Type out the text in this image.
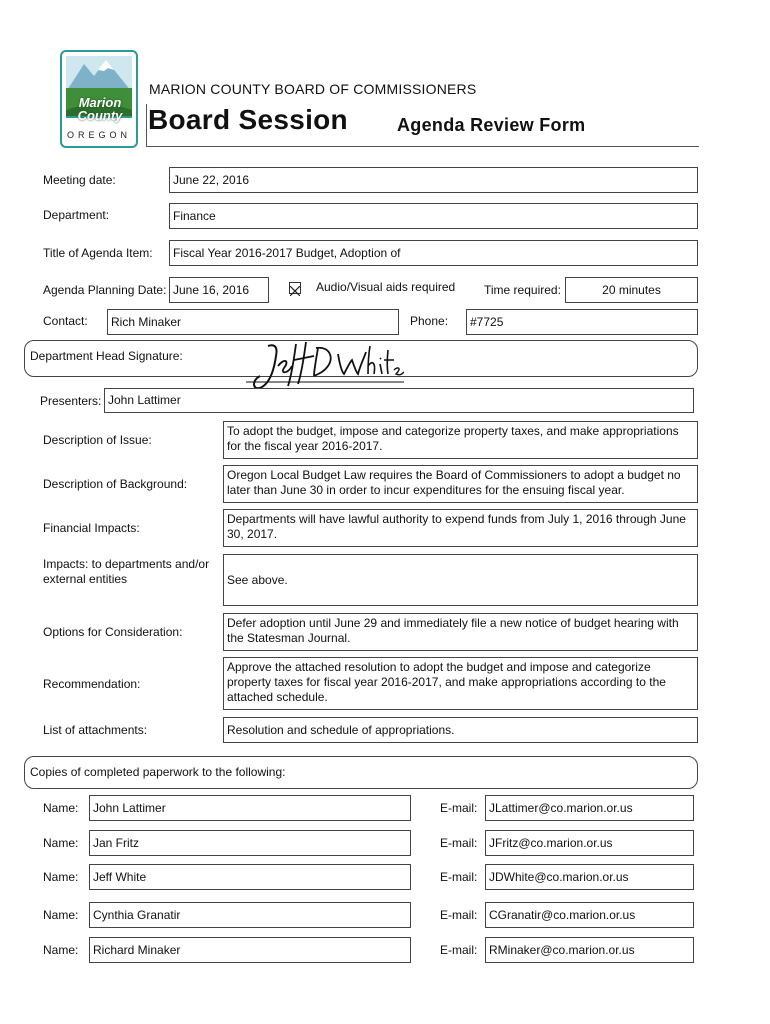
Marion County
OREGON
MARION COUNTY BOARD OF COMMISSIONERS
Board Session	Agenda Review Form
Meeting date:	June 22, 2016
Department:	Finance
Title of Agenda Item:	Fiscal Year 2016-2017 Budget, Adoption of
Agenda Planning Date: June 16, 2016	Audio/Visual aids required Time required:	20 minutes
Contact:	Rich Minaker	Phone:	#7725
Department Head Signature:
Presenters: John Lattimer
Description of Issue:
To adopt the budget, impose and categorize property taxes, and make appropriations for the fiscal year 2016-2017.
Description of Background:
Oregon Local Budget Law requires the Board of Commissioners to adopt a budget no later than June 30 in order to incur expenditures for the ensuing fiscal year.
Financial Impacts:
Departments will have lawful authority to expend funds from July 1, 2016 through June 30, 2017.
Impacts: to departments and/or external entities	See above.
Options for Consideration:
Defer adoption until June 29 and immediately file a new notice of budget hearing with the Statesman Journal.
Recommendation:
Approve the attached resolution to adopt the budget and impose and categorize property taxes for fiscal year 2016-2017, and make appropriations according to the attached schedule.
List of attachments:	Resolution and schedule of appropriations.
Copies of completed paperwork to the following:
Name:	John Lattimer	E-mail: JLattimer@co.marion.or.us
Name:	Jan Fritz	E-mail: JFritz@co.marion.or.us
Name:	Jeff White	E-mail: JDWhite@co.marion.or.us
Name:	Cynthia Granatir	E-mail: CGranatir@co.marion.or.us
Name:	Richard Minaker	E-mail: RMinaker@co.marion.or.us
